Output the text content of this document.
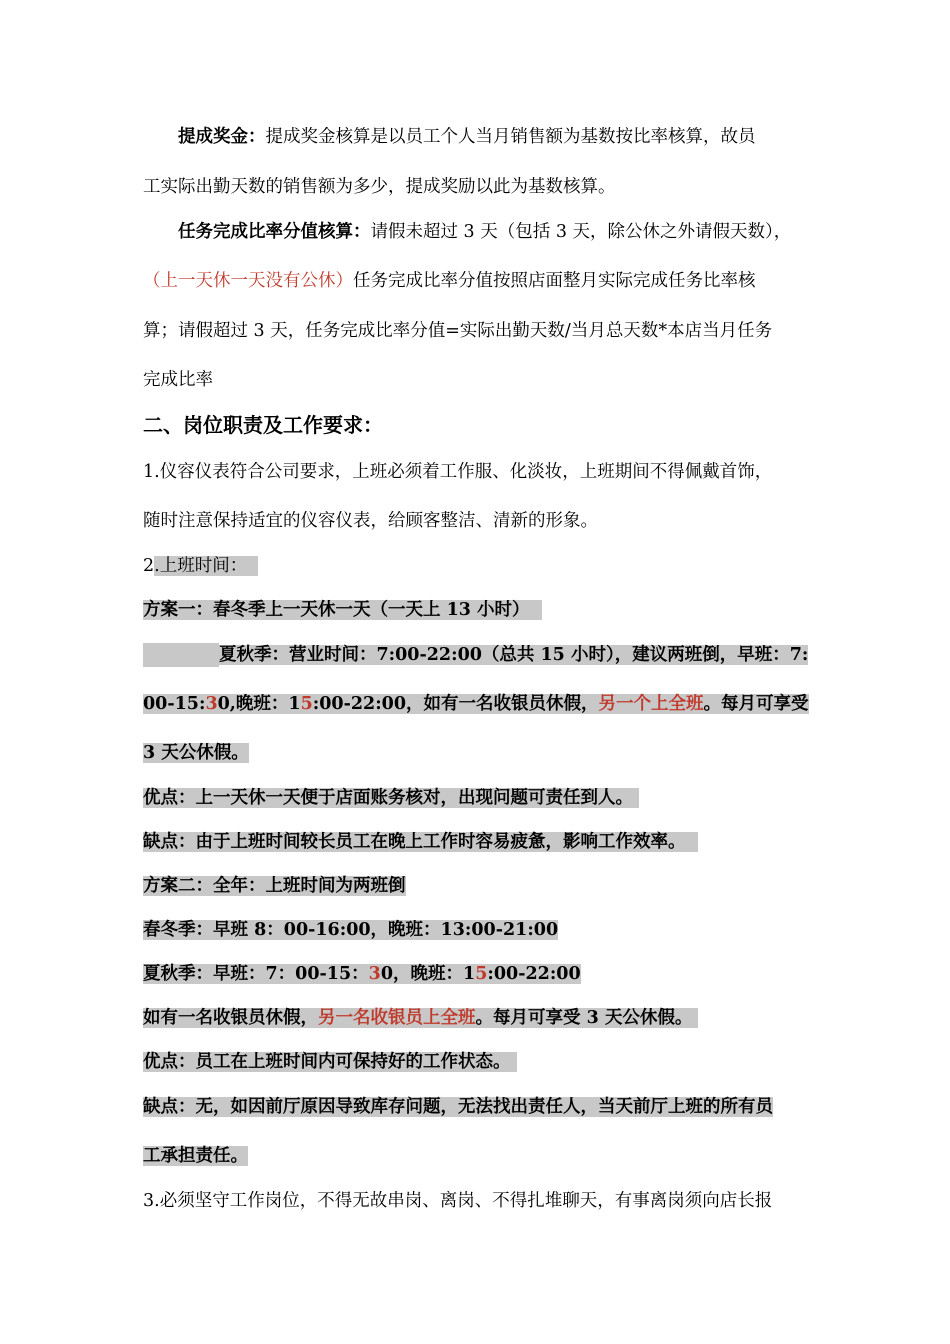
提成奖金：提成奖金核算是以员工个人当月销售额为基数按比率核算，故员
工实际出勤天数的销售额为多少，提成奖励以此为基数核算。
任务完成比率分值核算：请假未超过 3 天（包括 3 天，除公休之外请假天数），
（上一天休一天没有公休）任务完成比率分值按照店面整月实际完成任务比率核
算；请假超过 3 天，任务完成比率分值=实际出勤天数/当月总天数*本店当月任务
完成比率
二、岗位职责及工作要求：
1.仪容仪表符合公司要求，上班必须着工作服、化淡妆，上班期间不得佩戴首饰，
随时注意保持适宜的仪容仪表，给顾客整洁、清新的形象。
2.上班时间：
方案一：春冬季上一天休一天（一天上 13 小时）
夏秋季：营业时间：7:00-22:00（总共 15 小时），建议两班倒，早班：7:
00-15:30,晚班：15:00-22:00，如有一名收银员休假，另一个上全班。每月可享受
3 天公休假。
优点：上一天休一天便于店面账务核对，出现问题可责任到人。
缺点：由于上班时间较长员工在晚上工作时容易疲惫，影响工作效率。
方案二：全年：上班时间为两班倒
春冬季：早班 8：00-16:00，晚班：13:00-21:00
夏秋季：早班：7：00-15：30，晚班：15:00-22:00
如有一名收银员休假，另一名收银员上全班。每月可享受 3 天公休假。
优点：员工在上班时间内可保持好的工作状态。
缺点：无，如因前厅原因导致库存问题，无法找出责任人，当天前厅上班的所有员
工承担责任。
3.必须坚守工作岗位，不得无故串岗、离岗、不得扎堆聊天，有事离岗须向店长报
